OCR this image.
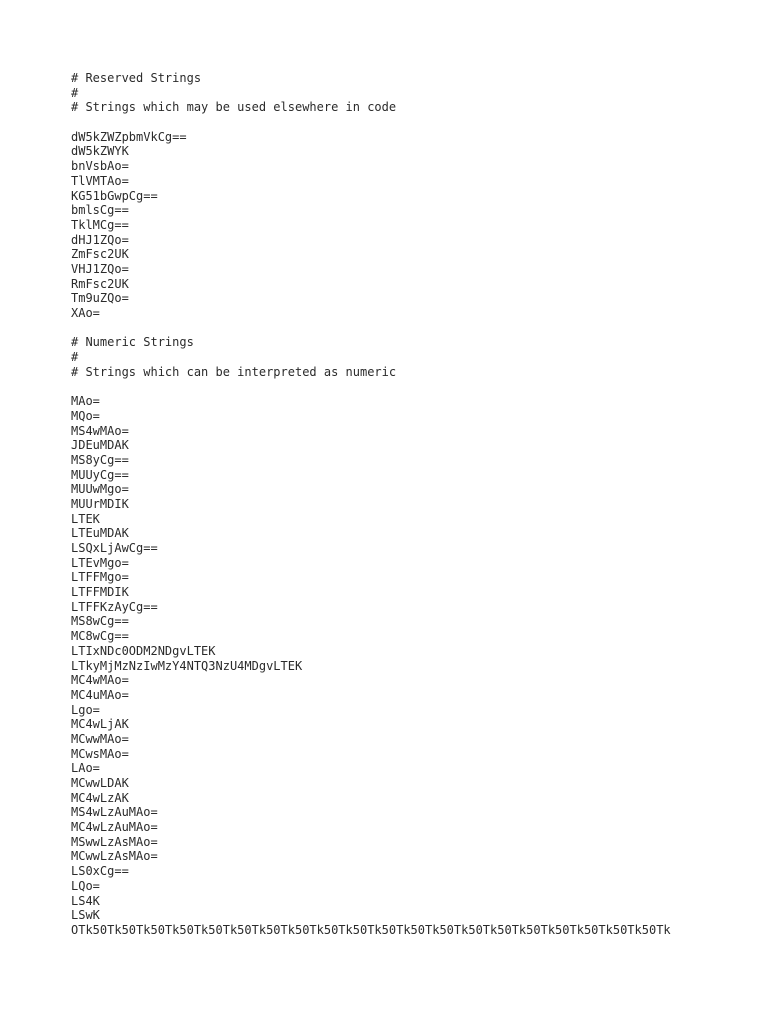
# Reserved Strings
#
# Strings which may be used elsewhere in code
dW5kZWZpbmVkCg==
dW5kZWYK
bnVsbAo=
TlVMTAo=
KG51bGwpCg==
bmlsCg==
TklMCg==
dHJ1ZQo=
ZmFsc2UK
VHJ1ZQo=
RmFsc2UK
Tm9uZQo=
XAo=
# Numeric Strings
#
# Strings which can be interpreted as numeric
MAo=
MQo=
MS4wMAo=
JDEuMDAK
MS8yCg==
MUUyCg==
MUUwMgo=
MUUrMDIK
LTEK
LTEuMDAK
LSQxLjAwCg==
LTEvMgo=
LTFFMgo=
LTFFMDIK
LTFFKzAyCg==
MS8wCg==
MC8wCg==
LTIxNDc0ODM2NDgvLTEK
LTkyMjMzNzIwMzY4NTQ3NzU4MDgvLTEK
MC4wMAo=
MC4uMAo=
Lgo=
MC4wLjAK
MCwwMAo=
MCwsMAo=
LAo=
MCwwLDAK
MC4wLzAK
MS4wLzAuMAo=
MC4wLzAuMAo=
MSwwLzAsMAo=
MCwwLzAsMAo=
LS0xCg==
LQo=
LS4K
LSwK
OTk50Tk50Tk50Tk50Tk50Tk50Tk50Tk50Tk50Tk50Tk50Tk50Tk50Tk50Tk50Tk50Tk50Tk50Tk50Tk50Tk
